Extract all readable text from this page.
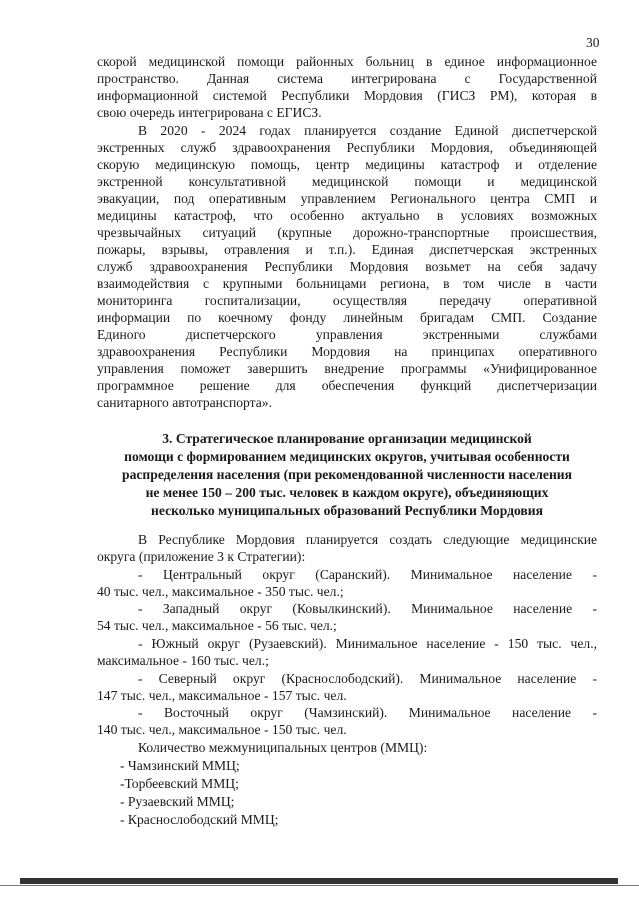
30
скорой медицинской помощи районных больниц в единое информационное
пространство. Данная система интегрирована с Государственной
информационной системой Республики Мордовия (ГИСЗ РМ), которая в
свою очередь интегрирована с ЕГИСЗ.
В 2020 - 2024 годах планируется создание Единой диспетчерской
экстренных служб здравоохранения Республики Мордовия, объединяющей
скорую медицинскую помощь, центр медицины катастроф и отделение
экстренной консультативной медицинской помощи и медицинской
эвакуации, под оперативным управлением Регионального центра СМП и
медицины катастроф, что особенно актуально в условиях возможных
чрезвычайных ситуаций (крупные дорожно-транспортные происшествия,
пожары, взрывы, отравления и т.п.). Единая диспетчерская экстренных
служб здравоохранения Республики Мордовия возьмет на себя задачу
взаимодействия с крупными больницами региона, в том числе в части
мониторинга госпитализации, осуществляя передачу оперативной
информации по коечному фонду линейным бригадам СМП. Создание
Единого диспетчерского управления экстренными службами
здравоохранения Республики Мордовия на принципах оперативного
управления поможет завершить внедрение программы «Унифицированное
программное решение для обеспечения функций диспетчеризации
санитарного автотранспорта».
3. Стратегическое планирование организации медицинской
помощи с формированием медицинских округов, учитывая особенности
распределения населения (при рекомендованной численности населения
не менее 150 – 200 тыс. человек в каждом округе), объединяющих
несколько муниципальных образований Республики Мордовия
В Республике Мордовия планируется создать следующие медицинские
округа (приложение 3 к Стратегии):
- Центральный округ (Саранский). Минимальное население -
40 тыс. чел., максимальное - 350 тыс. чел.;
- Западный округ (Ковылкинский). Минимальное население -
54 тыс. чел., максимальное - 56 тыс. чел.;
- Южный округ (Рузаевский). Минимальное население - 150 тыс. чел.,
максимальное - 160 тыс. чел.;
- Северный округ (Краснослободский). Минимальное население -
147 тыс. чел., максимальное - 157 тыс. чел.
- Восточный округ (Чамзинский). Минимальное население -
140 тыс. чел., максимальное - 150 тыс. чел.
Количество межмуниципальных центров (ММЦ):
- Чамзинский ММЦ;
-Торбеевский ММЦ;
- Рузаевский ММЦ;
- Краснослободский ММЦ;
